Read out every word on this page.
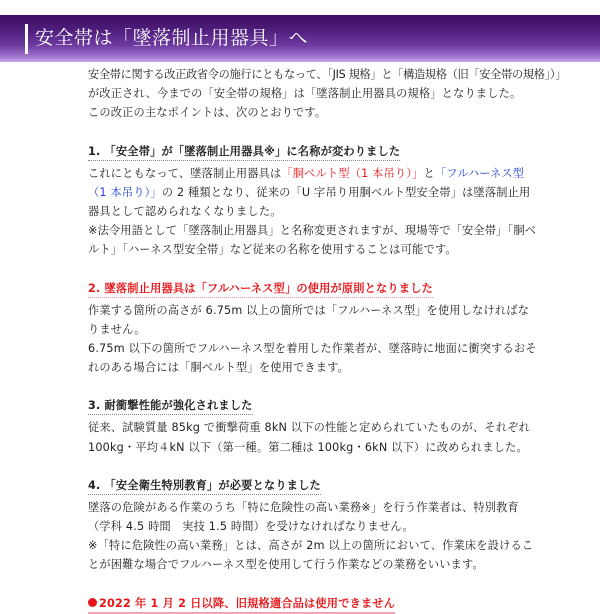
安全帯は「墜落制止用器具」へ

安全帯に関する改正政省令の施行にともなって、「JIS 規格」と「構造規格（旧「安全帯の規格」）」

が改正され、今までの「安全帯の規格」は「墜落制止用器具の規格」となりました。

この改正の主なポイントは、次のとおりです。

1. 「安全帯」が「墜落制止用器具※」に名称が変わりました

これにともなって、墜落制止用器具は「胴ベルト型（1 本吊り）」と「フルハーネス型（1 本吊り）」の 2 種類となり、従来の「U 字吊り用胴ベルト型安全帯」は墜落制止用器具として認められなくなりました。

※法令用語として「墜落制止用器具」と名称変更されますが、現場等で「安全帯」「胴ベルト」「ハーネス型安全帯」など従来の名称を使用することは可能です。

2. 墜落制止用器具は「フルハーネス型」の使用が原則となりました

作業する箇所の高さが 6.75m 以上の箇所では「フルハーネス型」を使用しなければなりません。

6.75m 以下の箇所でフルハーネス型を着用した作業者が、墜落時に地面に衝突するおそれのある場合には「胴ベルト型」を使用できます。

3. 耐衝撃性能が強化されました

従来、試験質量 85kg で衝撃荷重 8kN 以下の性能と定められていたものが、それぞれ 100kg・平均４kN 以下（第一種。第二種は 100kg・6kN 以下）に改められました。

4. 「安全衛生特別教育」が必要となりました

墜落の危険がある作業のうち「特に危険性の高い業務※」を行う作業者は、特別教育（学科 4.5 時間　実技 1.5 時間）を受けなければなりません。

※「特に危険性の高い業務」とは、高さが 2m 以上の箇所において、作業床を設けることが困難な場合でフルハーネス型を使用して行う作業などの業務をいいます。

2022 年 1 月 2 日以降、旧規格適合品は使用できません
